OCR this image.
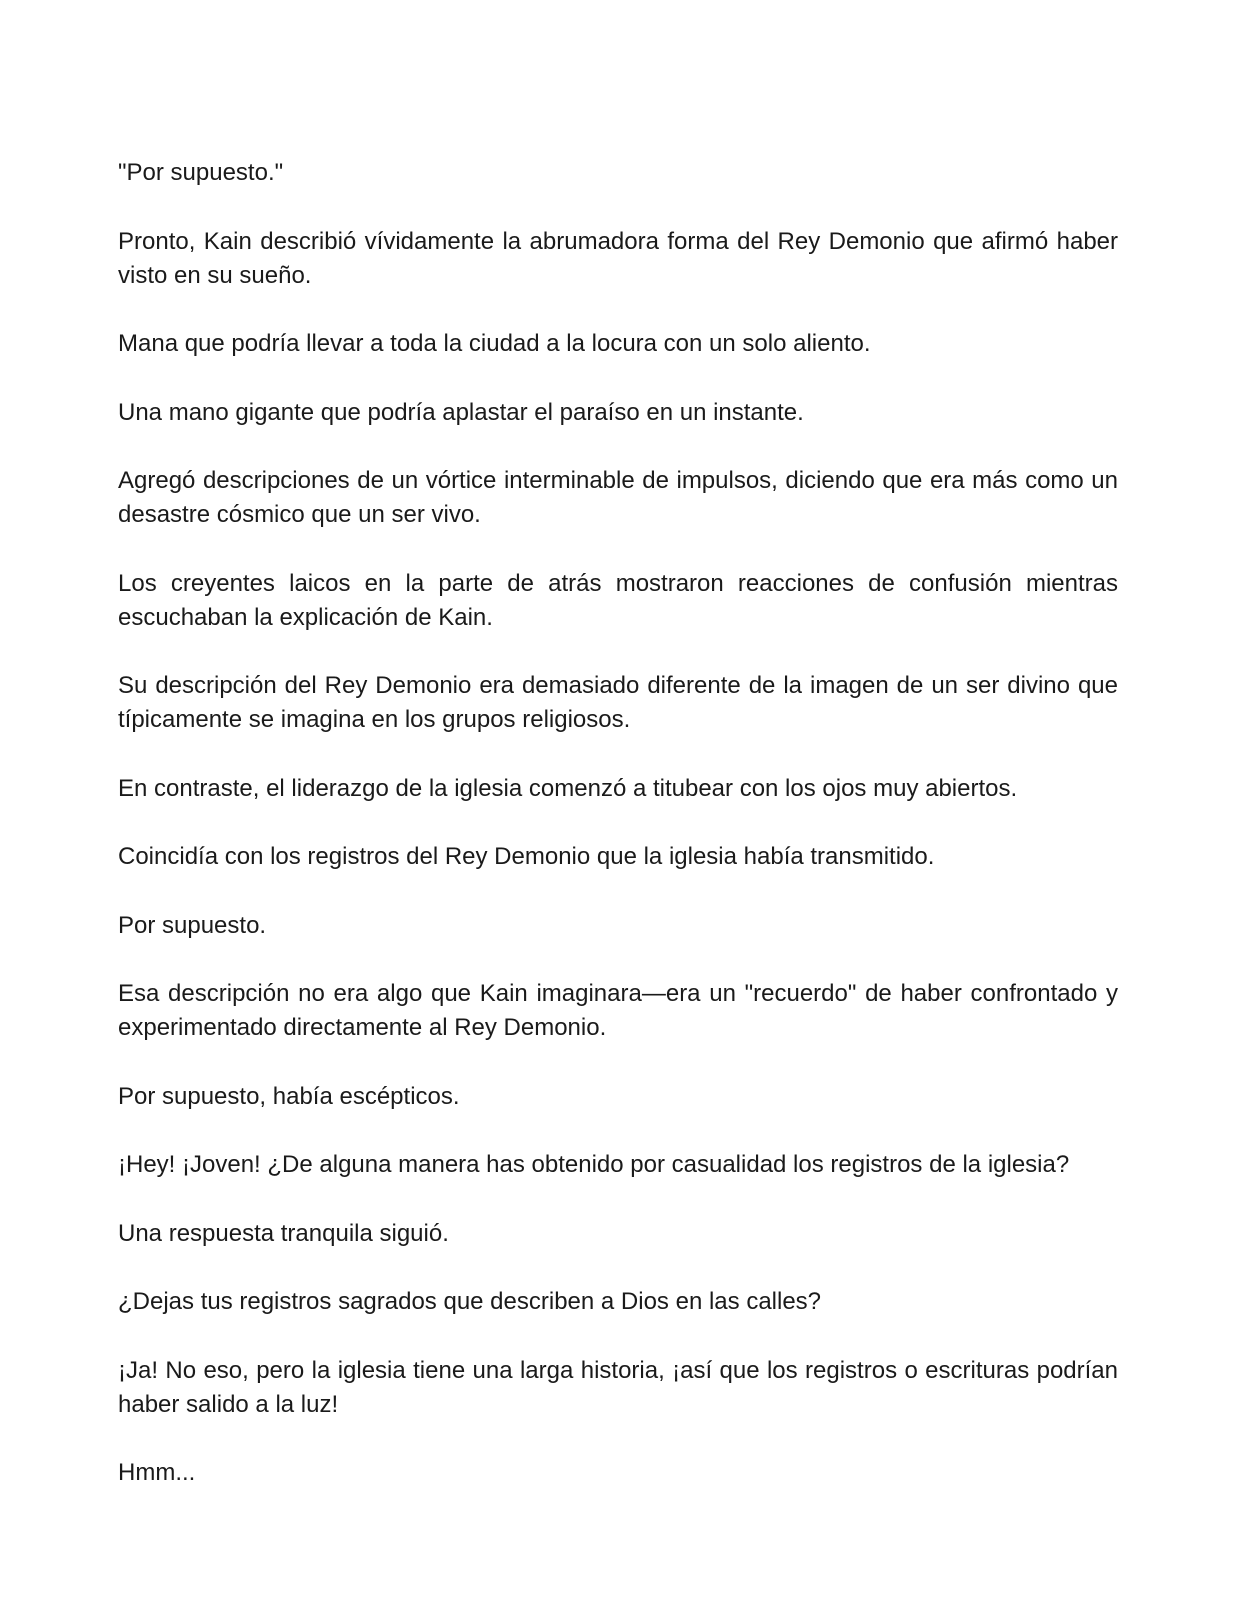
"Por supuesto."

Pronto, Kain describió vívidamente la abrumadora forma del Rey Demonio que afirmó haber visto en su sueño.

Mana que podría llevar a toda la ciudad a la locura con un solo aliento.

Una mano gigante que podría aplastar el paraíso en un instante.

Agregó descripciones de un vórtice interminable de impulsos, diciendo que era más como un desastre cósmico que un ser vivo.

Los creyentes laicos en la parte de atrás mostraron reacciones de confusión mientras escuchaban la explicación de Kain.

Su descripción del Rey Demonio era demasiado diferente de la imagen de un ser divino que típicamente se imagina en los grupos religiosos.

En contraste, el liderazgo de la iglesia comenzó a titubear con los ojos muy abiertos.

Coincidía con los registros del Rey Demonio que la iglesia había transmitido.

Por supuesto.

Esa descripción no era algo que Kain imaginara—era un "recuerdo" de haber confrontado y experimentado directamente al Rey Demonio.

Por supuesto, había escépticos.

¡Hey! ¡Joven! ¿De alguna manera has obtenido por casualidad los registros de la iglesia?

Una respuesta tranquila siguió.

¿Dejas tus registros sagrados que describen a Dios en las calles?

¡Ja! No eso, pero la iglesia tiene una larga historia, ¡así que los registros o escrituras podrían haber salido a la luz!

Hmm...
